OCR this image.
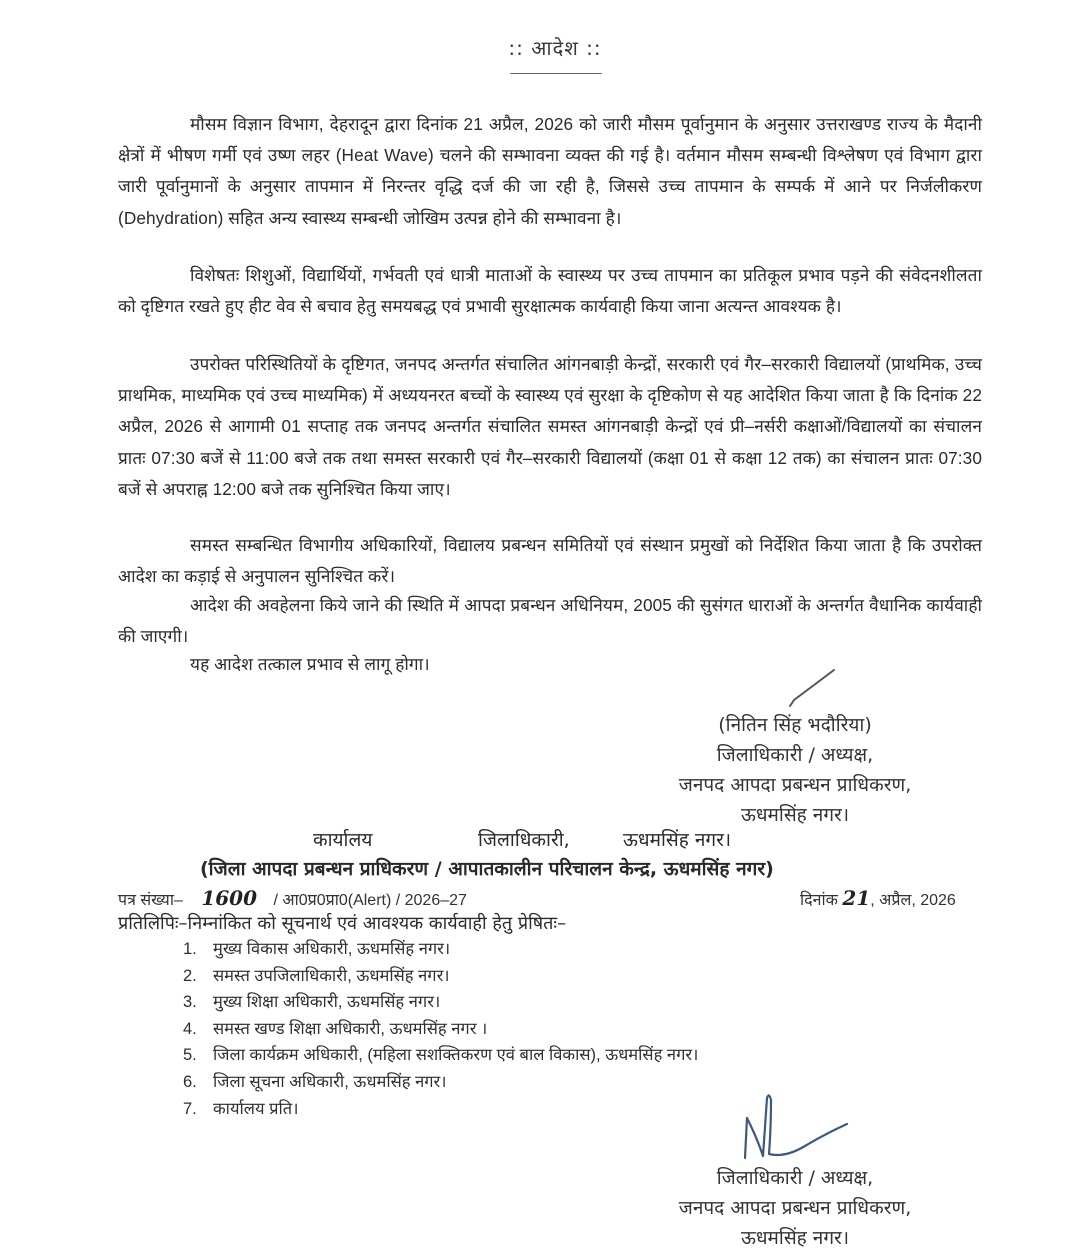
:: आदेश ::

मौसम विज्ञान विभाग, देहरादून द्वारा दिनांक 21 अप्रैल, 2026 को जारी मौसम पूर्वानुमान के अनुसार उत्तराखण्ड राज्य के मैदानी क्षेत्रों में भीषण गर्मी एवं उष्ण लहर (Heat Wave) चलने की सम्भावना व्यक्त की गई है। वर्तमान मौसम सम्बन्धी विश्लेषण एवं विभाग द्वारा जारी पूर्वानुमानों के अनुसार तापमान में निरन्तर वृद्धि दर्ज की जा रही है, जिससे उच्च तापमान के सम्पर्क में आने पर निर्जलीकरण (Dehydration) सहित अन्य स्वास्थ्य सम्बन्धी जोखिम उत्पन्न होने की सम्भावना है।

विशेषतः शिशुओं, विद्यार्थियों, गर्भवती एवं धात्री माताओं के स्वास्थ्य पर उच्च तापमान का प्रतिकूल प्रभाव पड़ने की संवेदनशीलता को दृष्टिगत रखते हुए हीट वेव से बचाव हेतु समयबद्ध एवं प्रभावी सुरक्षात्मक कार्यवाही किया जाना अत्यन्त आवश्यक है।

उपरोक्त परिस्थितियों के दृष्टिगत, जनपद अन्तर्गत संचालित आंगनबाड़ी केन्द्रों, सरकारी एवं गैर–सरकारी विद्यालयों (प्राथमिक, उच्च प्राथमिक, माध्यमिक एवं उच्च माध्यमिक) में अध्ययनरत बच्चों के स्वास्थ्य एवं सुरक्षा के दृष्टिकोण से यह आदेशित किया जाता है कि दिनांक 22 अप्रैल, 2026 से आगामी 01 सप्ताह तक जनपद अन्तर्गत संचालित समस्त आंगनबाड़ी केन्द्रों एवं प्री–नर्सरी कक्षाओं/विद्यालयों का संचालन प्रातः 07:30 बजें से 11:00 बजे तक तथा समस्त सरकारी एवं गैर–सरकारी विद्यालयों (कक्षा 01 से कक्षा 12 तक) का संचालन प्रातः 07:30 बजें से अपराह्न 12:00 बजे तक सुनिश्चित किया जाए।

समस्त सम्बन्धित विभागीय अधिकारियों, विद्यालय प्रबन्धन समितियों एवं संस्थान प्रमुखों को निर्देशित किया जाता है कि उपरोक्त आदेश का कड़ाई से अनुपालन सुनिश्चित करें।

आदेश की अवहेलना किये जाने की स्थिति में आपदा प्रबन्धन अधिनियम, 2005 की सुसंगत धाराओं के अन्तर्गत वैधानिक कार्यवाही की जाएगी।

यह आदेश तत्काल प्रभाव से लागू होगा।

(नितिन सिंह भदौरिया)
जिलाधिकारी / अध्यक्ष,
जनपद आपदा प्रबन्धन प्राधिकरण,
ऊधमसिंह नगर।
कार्यालय	जिलाधिकारी,	ऊधमसिंह नगर।
(जिला आपदा प्रबन्धन प्राधिकरण / आपातकालीन परिचालन केन्द्र, ऊधमसिंह नगर)
पत्र संख्या– 1600 / आ0प्र0प्रा0(Alert) / 2026–27	दिनांक 21, अप्रैल, 2026
प्रतिलिपिः–निम्नांकित को सूचनार्थ एवं आवश्यक कार्यवाही हेतु प्रेषितः–
1. मुख्य विकास अधिकारी, ऊधमसिंह नगर।
2. समस्त उपजिलाधिकारी, ऊधमसिंह नगर।
3. मुख्य शिक्षा अधिकारी, ऊधमसिंह नगर।
4. समस्त खण्ड शिक्षा अधिकारी, ऊधमसिंह नगर ।
5. जिला कार्यक्रम अधिकारी, (महिला सशक्तिकरण एवं बाल विकास), ऊधमसिंह नगर।
6. जिला सूचना अधिकारी, ऊधमसिंह नगर।
7. कार्यालय प्रति।
जिलाधिकारी / अध्यक्ष,
जनपद आपदा प्रबन्धन प्राधिकरण,
ऊधमसिंह नगर।
